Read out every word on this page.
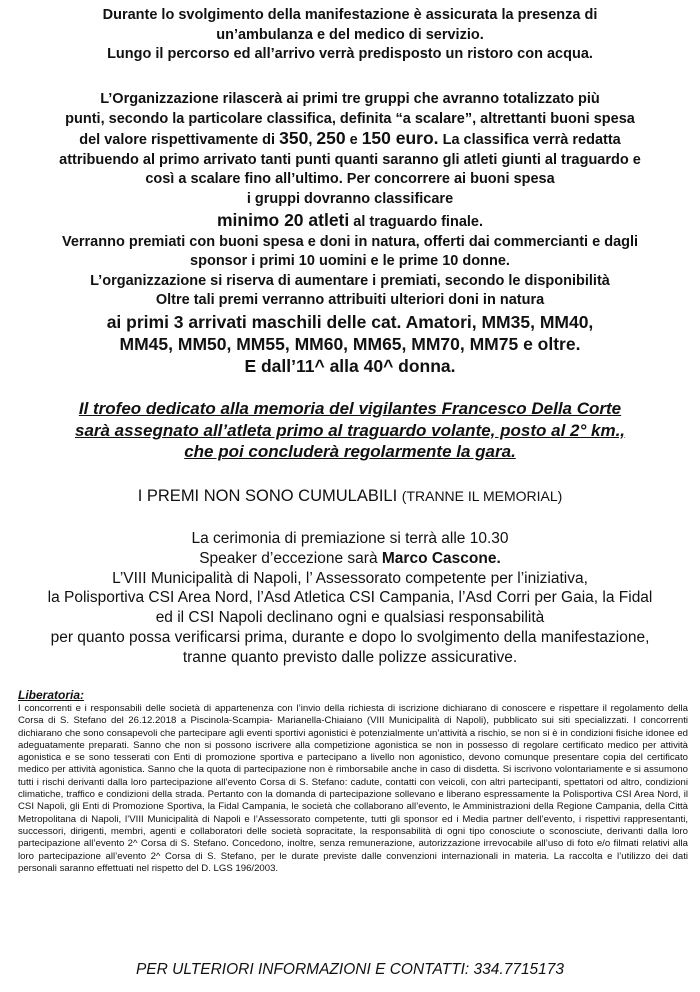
Durante lo svolgimento della manifestazione è assicurata la presenza di
un’ambulanza e del medico di servizio.
Lungo il percorso ed all’arrivo verrà predisposto un ristoro con acqua.
L’Organizzazione rilascerà ai primi tre gruppi che avranno totalizzato più
punti, secondo la particolare classifica, definita “a scalare”, altrettanti buoni spesa
del valore rispettivamente di 350, 250 e 150 euro. La classifica verrà redatta
attribuendo al primo arrivato tanti punti quanti saranno gli atleti giunti al traguardo e
così a scalare fino all’ultimo. Per concorrere ai buoni spesa
i gruppi dovranno classificare
minimo 20 atleti al traguardo finale.
Verranno premiati con buoni spesa e doni in natura, offerti dai commercianti e dagli
sponsor i primi 10 uomini e le prime 10 donne.
L’organizzazione si riserva di aumentare i premiati, secondo le disponibilità
Oltre tali premi verranno attribuiti ulteriori doni in natura
ai primi 3 arrivati maschili delle cat. Amatori, MM35, MM40,
MM45, MM50, MM55, MM60, MM65, MM70, MM75 e oltre.
E dall’11^ alla 40^ donna.
Il trofeo dedicato alla memoria del vigilantes Francesco Della Corte
sarà assegnato all’atleta primo al traguardo volante, posto al 2° km.,
che poi concluderà regolarmente la gara.
I PREMI NON SONO CUMULABILI (TRANNE IL MEMORIAL)
La cerimonia di premiazione si terrà alle 10.30
Speaker d’eccezione sarà Marco Cascone.
L’VIII Municipalità di Napoli, l’ Assessorato competente per l’iniziativa,
la Polisportiva CSI Area Nord, l’Asd Atletica CSI Campania, l’Asd Corri per Gaia, la Fidal
ed il CSI Napoli declinano ogni e qualsiasi responsabilità
per quanto possa verificarsi prima, durante e dopo lo svolgimento della manifestazione,
tranne quanto previsto dalle polizze assicurative.

Liberatoria:

I concorrenti e i responsabili delle società di appartenenza con l’invio della richiesta di iscrizione dichiarano di conoscere e rispettare il regolamento della Corsa di S. Stefano del 26.12.2018 a Piscinola-Scampia- Marianella-Chiaiano (VIII Municipalità di Napoli), pubblicato sui siti specializzati. I concorrenti dichiarano che sono consapevoli che partecipare agli eventi sportivi agonistici è potenzialmente un’attività a rischio, se non si è in condizioni fisiche idonee ed adeguatamente preparati. Sanno che non si possono iscrivere alla competizione agonistica se non in possesso di regolare certificato medico per attività agonistica e se sono tesserati con Enti di promozione sportiva e partecipano a livello non agonistico, devono comunque presentare copia del certificato medico per attività agonistica. Sanno che la quota di partecipazione non è rimborsabile anche in caso di disdetta. Si iscrivono volontariamente e si assumono tutti i rischi derivanti dalla loro partecipazione all’evento Corsa di S. Stefano: cadute, contatti con veicoli, con altri partecipanti, spettatori od altro, condizioni climatiche, traffico e condizioni della strada. Pertanto con la domanda di partecipazione sollevano e liberano espressamente la Polisportiva CSI Area Nord, il CSI Napoli, gli Enti di Promozione Sportiva, la Fidal Campania, le società che collaborano all’evento, le Amministrazioni della Regione Campania, della Città Metropolitana di Napoli, l’VIII Municipalità di Napoli e l’Assessorato competente, tutti gli sponsor ed i Media partner dell’evento, i rispettivi rappresentanti, successori, dirigenti, membri, agenti e collaboratori delle società sopracitate, la responsabilità di ogni tipo conosciute o sconosciute, derivanti dalla loro partecipazione all’evento 2^ Corsa di S. Stefano. Concedono, inoltre, senza remunerazione, autorizzazione irrevocabile all’uso di foto e/o filmati relativi alla loro partecipazione all’evento 2^ Corsa di S. Stefano, per le durate previste dalle convenzioni internazionali in materia. La raccolta e l’utilizzo dei dati personali saranno effettuati nel rispetto del D. LGS 196/2003.

PER ULTERIORI INFORMAZIONI E CONTATTI: 334.7715173
